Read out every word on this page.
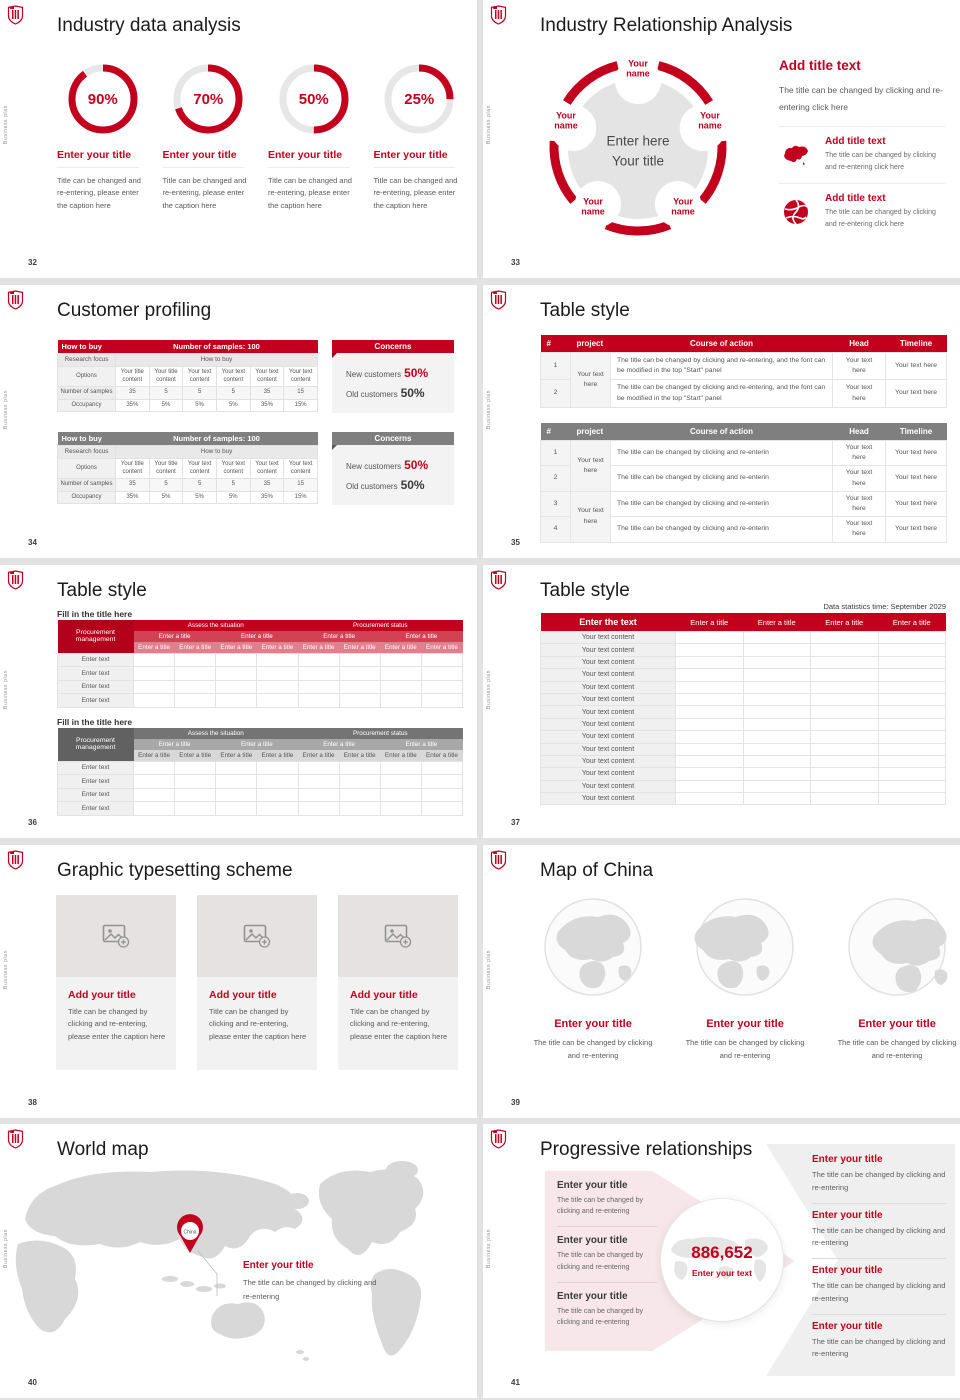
Business plan
Industry data analysis
90%
Enter your title
Title can be changed and re-entering, please enter the caption here
70%
Enter your title
Title can be changed and re-entering, please enter the caption here
50%
Enter your title
Title can be changed and re-entering, please enter the caption here
25%
Enter your title
Title can be changed and re-entering, please enter the caption here
32
Business plan
Industry Relationship Analysis
Your name
Your name
Your name
Your name
Your name
Enter here
Your title
Add title text
The title can be changed by clicking and re-entering click here
Add title text
The title can be changed by clicking and re-entering click here
Add title text
The title can be changed by clicking and re-entering click here
33
Business plan
Customer profiling
How to buy	Number of samples: 100					
Research focus	How to buy					
Options	Your title content	Your title content	Your text content	Your text content	Your text content	Your text content
Number of samples	35	5	5	5	35	15
Occupancy	35%	5%	5%	5%	35%	15%
Concerns
New customers 50%
Old customers 50%
How to buy	Number of samples: 100					
Research focus	How to buy					
Options	Your title content	Your title content	Your text content	Your text content	Your text content	Your text content
Number of samples	35	5	5	5	35	15
Occupancy	35%	5%	5%	5%	35%	15%
Concerns
New customers 50%
Old customers 50%
34
Business plan
Table style
#	project	Course of action	Head	Timeline
1	Your text here	The title can be changed by clicking and re-entering, and the font can be modified in the top "Start" panel	Your text here	Your text here
2		The title can be changed by clicking and re-entering, and the font can be modified in the top "Start" panel	Your text here	Your text here
#	project	Course of action	Head	Timeline
1	Your text here	The title can be changed by clicking and re-enterin	Your text here	Your text here
2		The title can be changed by clicking and re-enterin	Your text here	Your text here
3	Your text here	The title can be changed by clicking and re-enterin	Your text here	Your text here
4		The title can be changed by clicking and re-enterin	Your text here	Your text here
35
Business plan
Table style
Fill in the title here
Procurement management	Assess the situation				Procurement status			
	Enter a title		Enter a title		Enter a title		Enter a title	
	Enter a title	Enter a title	Enter a title	Enter a title	Enter a title	Enter a title	Enter a title	Enter a title
Enter text								
Enter text								
Enter text								
Enter text								
Fill in the title here
Procurement management	Assess the situation				Procurement status			
	Enter a title		Enter a title		Enter a title		Enter a title	
	Enter a title	Enter a title	Enter a title	Enter a title	Enter a title	Enter a title	Enter a title	Enter a title
Enter text								
Enter text								
Enter text								
Enter text								
36
Business plan
Table style
Data statistics time: September 2029
Enter the text	Enter a title	Enter a title	Enter a title	Enter a title
Your text content				
Your text content				
Your text content				
Your text content				
Your text content				
Your text content				
Your text content				
Your text content				
Your text content				
Your text content				
Your text content				
Your text content				
Your text content				
Your text content				
37
Business plan
Graphic typesetting scheme
Add your title
Title can be changed by clicking and re-entering, please enter the caption here
Add your title
Title can be changed by clicking and re-entering, please enter the caption here
Add your title
Title can be changed by clicking and re-entering, please enter the caption here
38
Business plan
Map of China
Enter your title
The title can be changed by clicking and re-entering
Enter your title
The title can be changed by clicking and re-entering
Enter your title
The title can be changed by clicking and re-entering
39
Business plan
World map
China
Enter your title
The title can be changed by clicking and re-entering
40
Business plan
Progressive relationships
Enter your title
The title can be changed by clicking and re-entering
Enter your title
The title can be changed by clicking and re-entering
Enter your title
The title can be changed by clicking and re-entering
886,652
Enter your text
Enter your title
The title can be changed by clicking and re-entering
Enter your title
The title can be changed by clicking and re-entering
Enter your title
The title can be changed by clicking and re-entering
Enter your title
The title can be changed by clicking and re-entering
41
